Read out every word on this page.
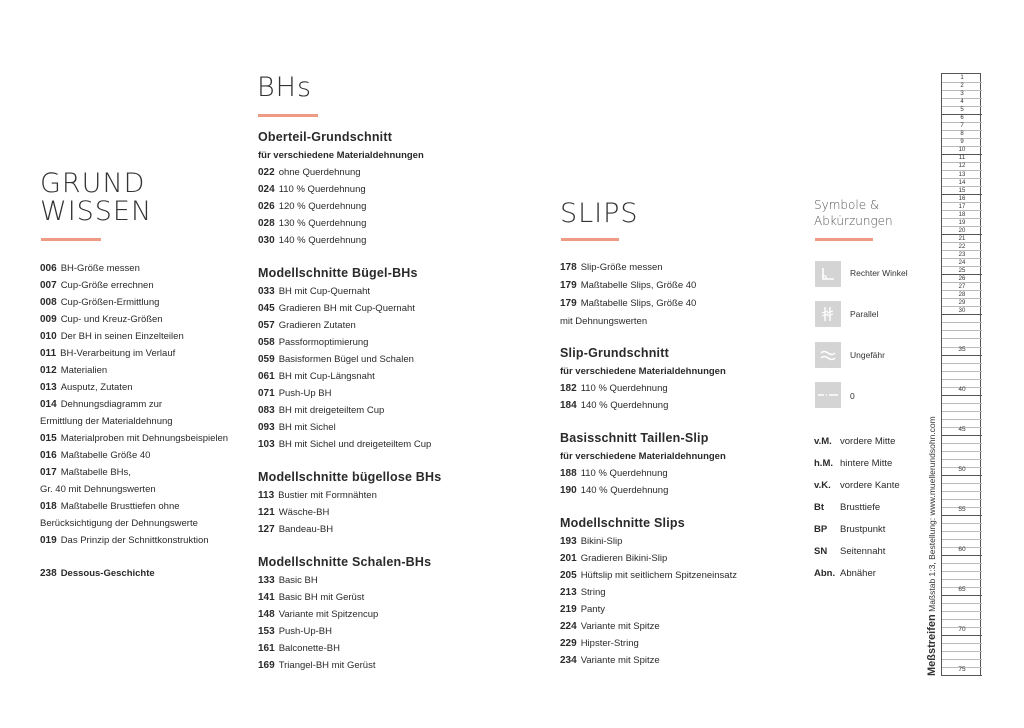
GRUND
WISSEN
006 BH-Größe messen
007 Cup-Größe errechnen
008 Cup-Größen-Ermittlung
009 Cup- und Kreuz-Größen
010 Der BH in seinen Einzelteilen
011 BH-Verarbeitung im Verlauf
012 Materialien
013 Ausputz, Zutaten
014 Dehnungsdiagramm zur
Ermittlung der Materialdehnung
015 Materialproben mit Dehnungsbeispielen
016 Maßtabelle Größe 40
017 Maßtabelle BHs,
Gr. 40 mit Dehnungswerten
018 Maßtabelle Brusttiefen ohne
Berücksichtigung der Dehnungswerte
019 Das Prinzip der Schnittkonstruktion
238 Dessous-Geschichte
BHs
Oberteil-Grundschnitt
für verschiedene Materialdehnungen
022 ohne Querdehnung
024 110 % Querdehnung
026 120 % Querdehnung
028 130 % Querdehnung
030 140 % Querdehnung
Modellschnitte Bügel-BHs
033 BH mit Cup-Quernaht
045 Gradieren BH mit Cup-Quernaht
057 Gradieren Zutaten
058 Passformoptimierung
059 Basisformen Bügel und Schalen
061 BH mit Cup-Längsnaht
071 Push-Up BH
083 BH mit dreigeteiltem Cup
093 BH mit Sichel
103 BH mit Sichel und dreigeteiltem Cup
Modellschnitte bügellose BHs
113 Bustier mit Formnähten
121 Wäsche-BH
127 Bandeau-BH
Modellschnitte Schalen-BHs
133 Basic BH
141 Basic BH mit Gerüst
148 Variante mit Spitzencup
153 Push-Up-BH
161 Balconette-BH
169 Triangel-BH mit Gerüst
SLIPS
178 Slip-Größe messen
179 Maßtabelle Slips, Größe 40
179 Maßtabelle Slips, Größe 40
mit Dehnungswerten
Slip-Grundschnitt
für verschiedene Materialdehnungen
182 110 % Querdehnung
184 140 % Querdehnung
Basisschnitt Taillen-Slip
für verschiedene Materialdehnungen
188 110 % Querdehnung
190 140 % Querdehnung
Modellschnitte Slips
193 Bikini-Slip
201 Gradieren Bikini-Slip
205 Hüftslip mit seitlichem Spitzeneinsatz
213 String
219 Panty
224 Variante mit Spitze
229 Hipster-String
234 Variante mit Spitze
Symbole &
Abkürzungen
Rechter Winkel
Parallel
Ungefähr
0
v.M. vordere Mitte
h.M. hintere Mitte
v.K. vordere Kante
Bt Brusttiefe
BP Brustpunkt
SN Seitennaht
Abn. Abnäher
1
2
3
4
5
6
7
8
9
10
11
12
13
14
15
16
17
18
19
20
21
22
23
24
25
26
27
28
29
30
35
40
45
50
55
60
65
70
75
Meßstreifen Maßstab 1:3, Bestellung: www.muellerundsohn.com
